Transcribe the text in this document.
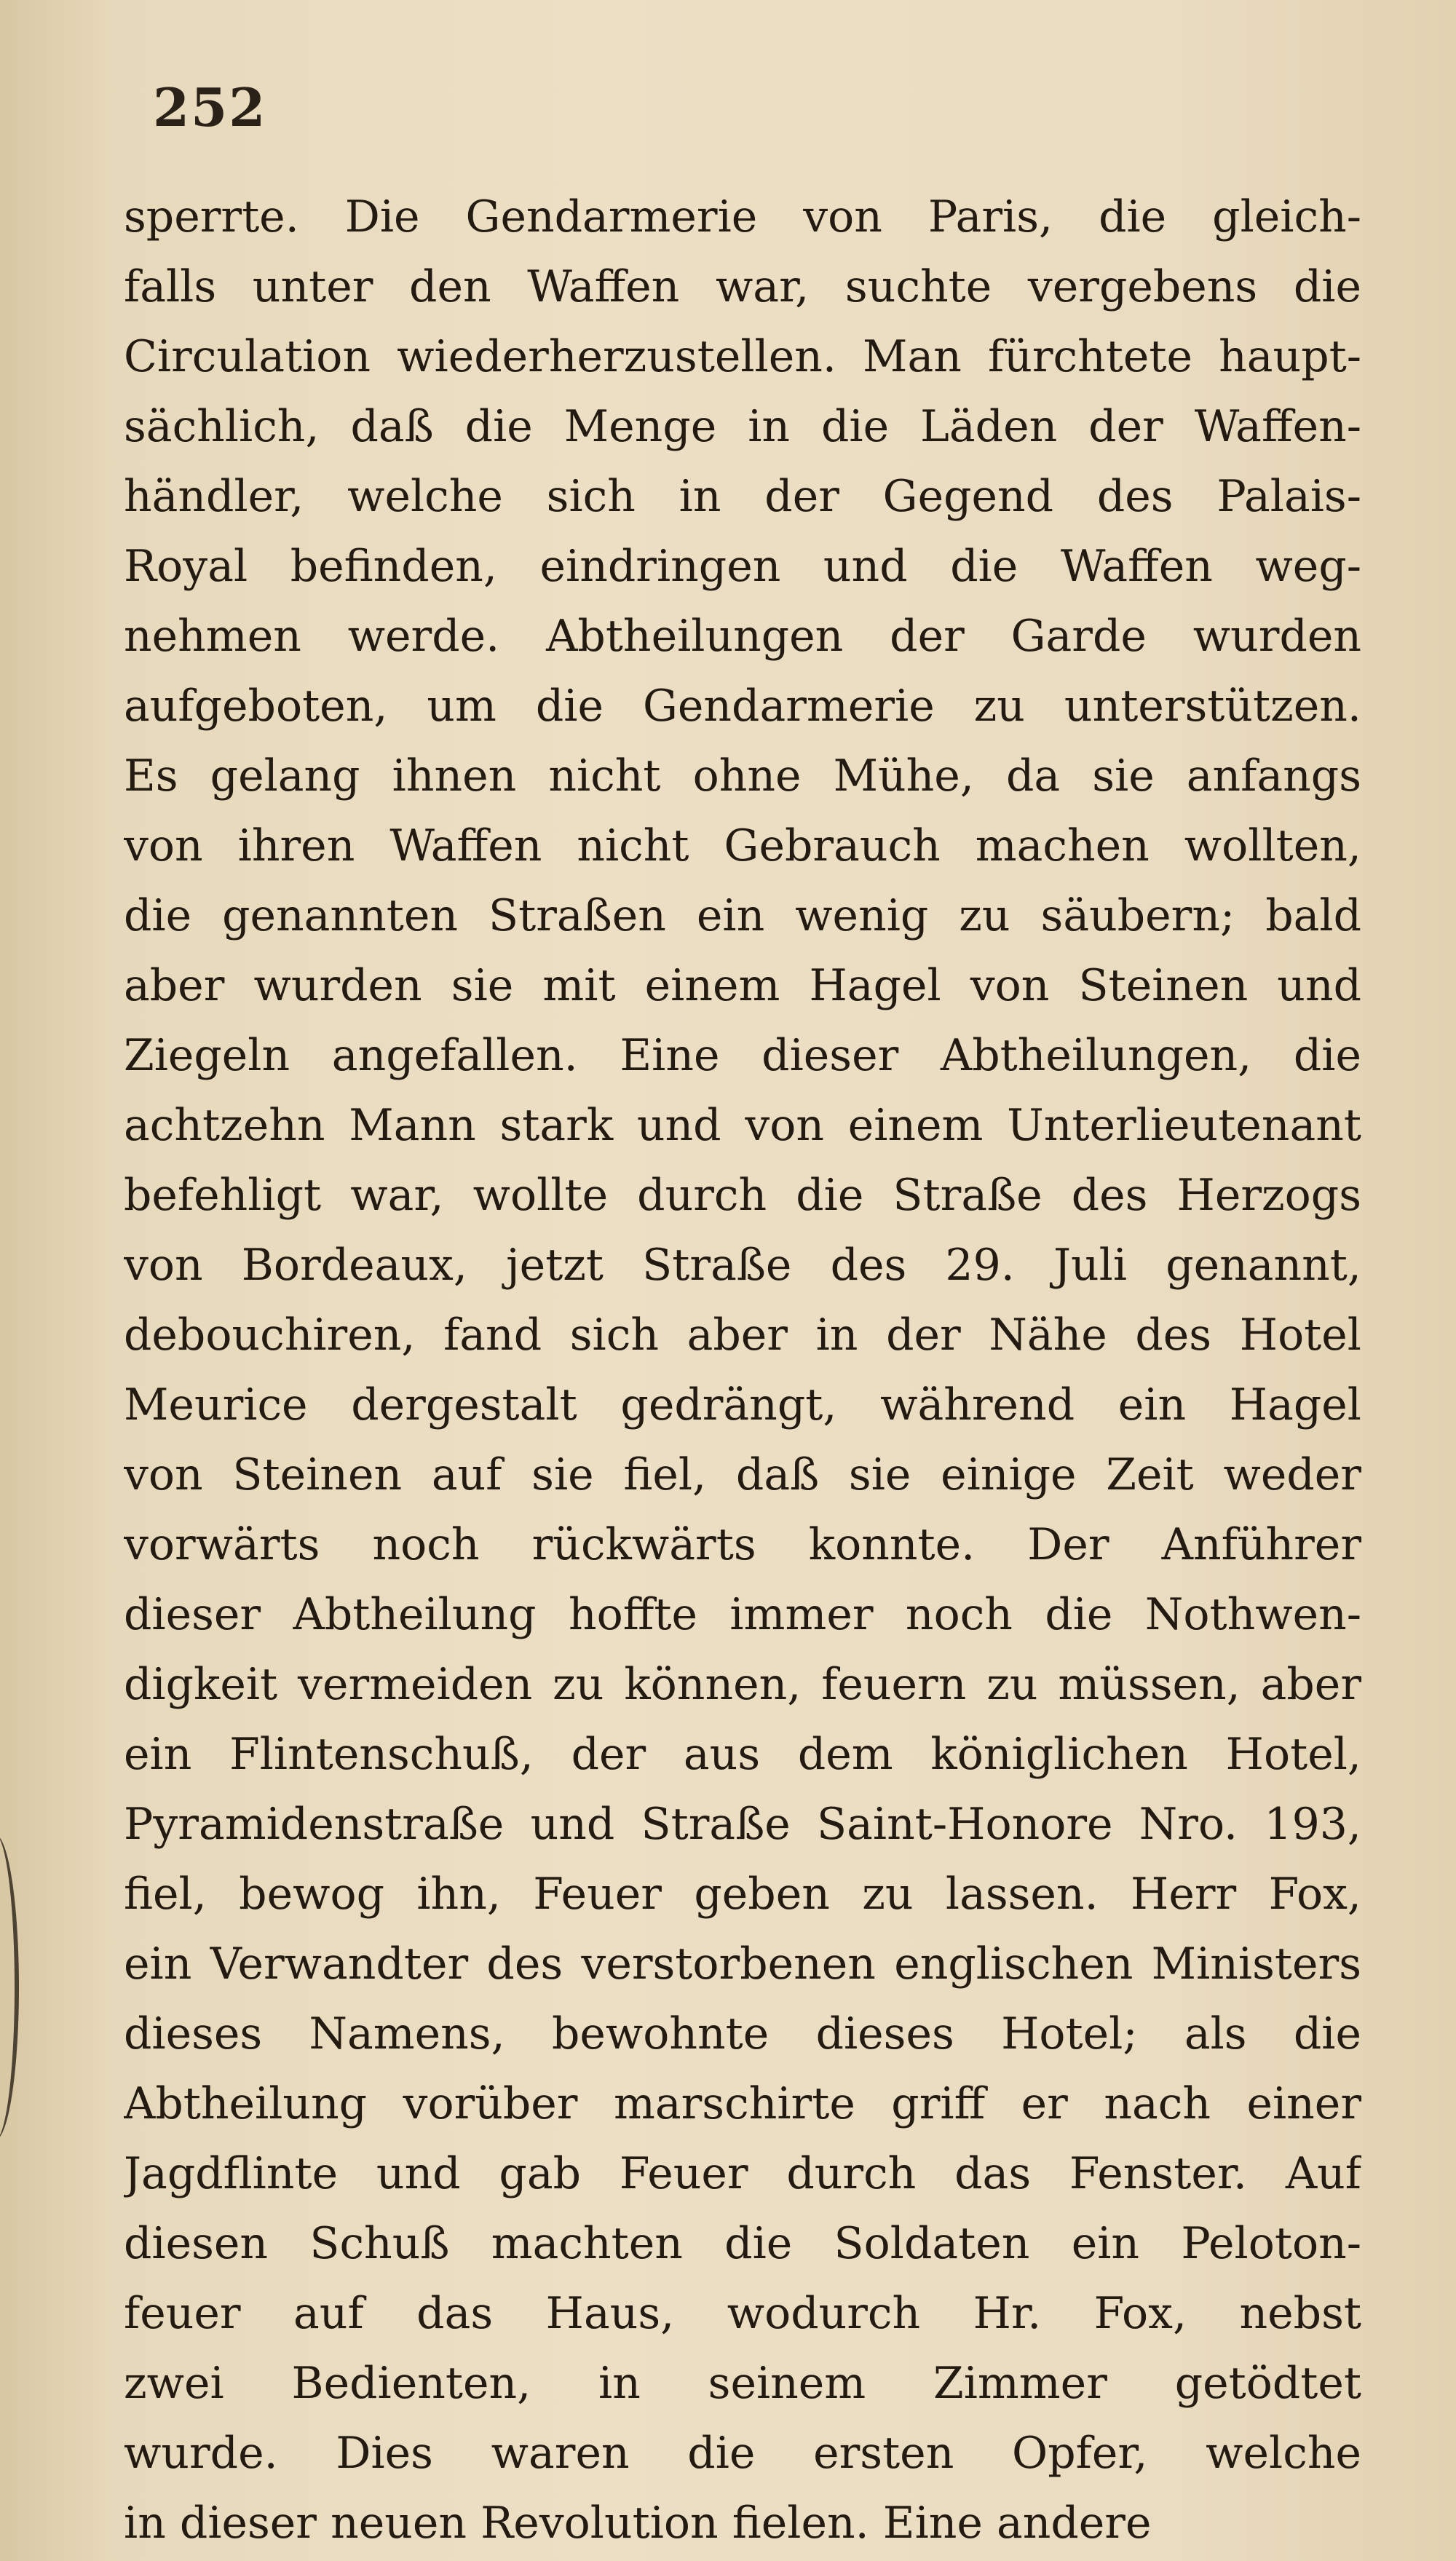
252
sperrte. Die Gendarmerie von Paris, die gleich-
falls unter den Waffen war, suchte vergebens die
Circulation wiederherzustellen. Man fürchtete haupt-
sächlich, daß die Menge in die Läden der Waffen-
händler, welche sich in der Gegend des Palais-
Royal befinden, eindringen und die Waffen weg-
nehmen werde. Abtheilungen der Garde wurden
aufgeboten, um die Gendarmerie zu unterstützen.
Es gelang ihnen nicht ohne Mühe, da sie anfangs
von ihren Waffen nicht Gebrauch machen wollten,
die genannten Straßen ein wenig zu säubern; bald
aber wurden sie mit einem Hagel von Steinen und
Ziegeln angefallen. Eine dieser Abtheilungen, die
achtzehn Mann stark und von einem Unterlieutenant
befehligt war, wollte durch die Straße des Herzogs
von Bordeaux, jetzt Straße des 29. Juli genannt,
debouchiren, fand sich aber in der Nähe des Hotel
Meurice dergestalt gedrängt, während ein Hagel
von Steinen auf sie fiel, daß sie einige Zeit weder
vorwärts noch rückwärts konnte. Der Anführer
dieser Abtheilung hoffte immer noch die Nothwen-
digkeit vermeiden zu können, feuern zu müssen, aber
ein Flintenschuß, der aus dem königlichen Hotel,
Pyramidenstraße und Straße Saint-Honore Nro. 193,
fiel, bewog ihn, Feuer geben zu lassen. Herr Fox,
ein Verwandter des verstorbenen englischen Ministers
dieses Namens, bewohnte dieses Hotel; als die
Abtheilung vorüber marschirte griff er nach einer
Jagdflinte und gab Feuer durch das Fenster. Auf
diesen Schuß machten die Soldaten ein Peloton-
feuer auf das Haus, wodurch Hr. Fox, nebst
zwei Bedienten, in seinem Zimmer getödtet
wurde. Dies waren die ersten Opfer, welche
in dieser neuen Revolution fielen. Eine andere
